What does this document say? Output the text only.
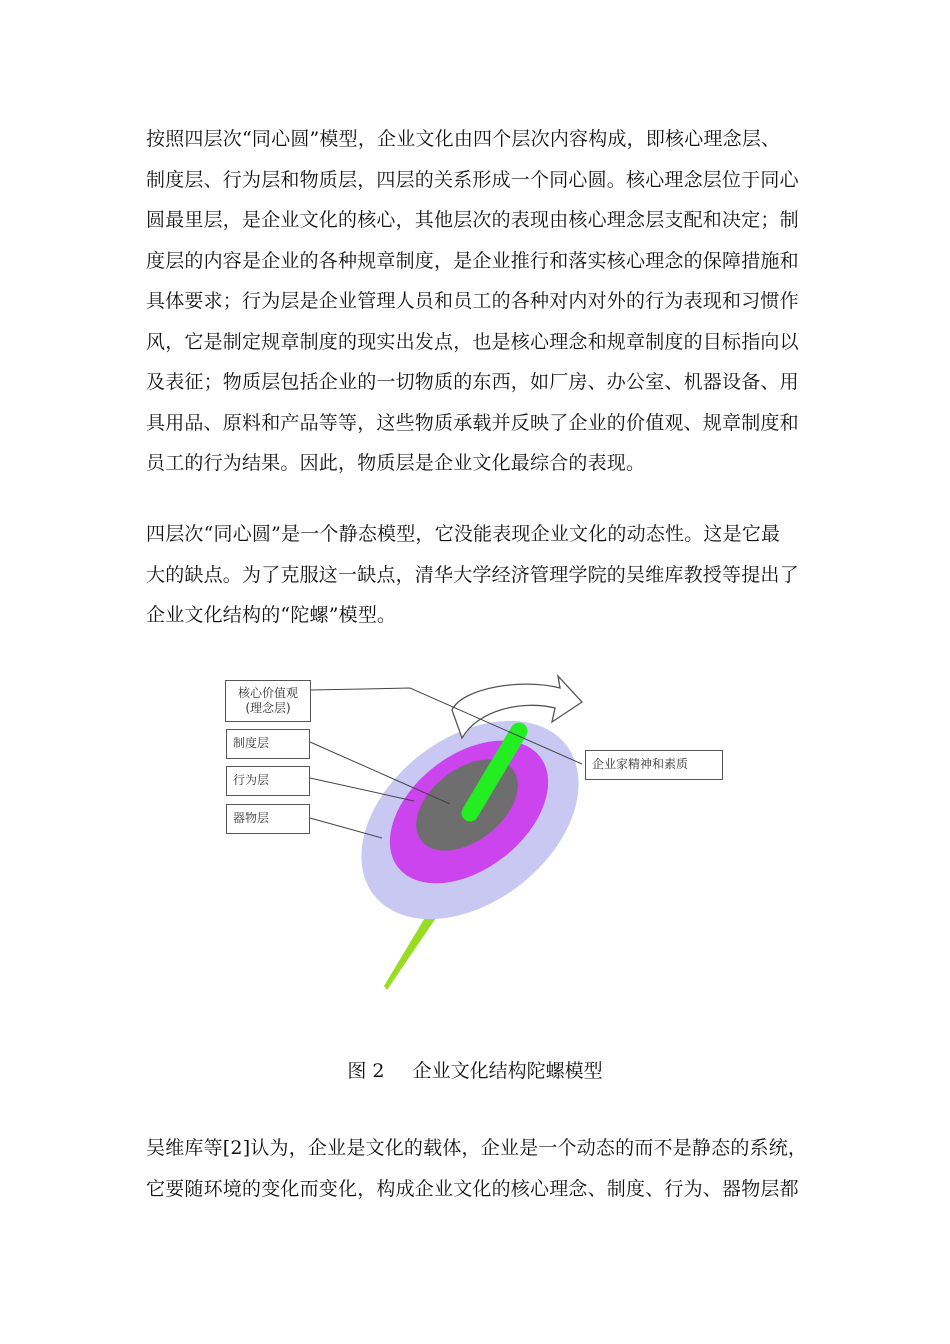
按照四层次“同心圆”模型，企业文化由四个层次内容构成，即核心理念层、
制度层、行为层和物质层，四层的关系形成一个同心圆。核心理念层位于同心
圆最里层，是企业文化的核心，其他层次的表现由核心理念层支配和决定；制
度层的内容是企业的各种规章制度，是企业推行和落实核心理念的保障措施和
具体要求；行为层是企业管理人员和员工的各种对内对外的行为表现和习惯作
风，它是制定规章制度的现实出发点，也是核心理念和规章制度的目标指向以
及表征；物质层包括企业的一切物质的东西，如厂房、办公室、机器设备、用
具用品、原料和产品等等，这些物质承载并反映了企业的价值观、规章制度和
员工的行为结果。因此，物质层是企业文化最综合的表现。
四层次“同心圆”是一个静态模型，它没能表现企业文化的动态性。这是它最
大的缺点。为了克服这一缺点，清华大学经济管理学院的吴维库教授等提出了
企业文化结构的“陀螺”模型。
核心价值观
(理念层)
制度层
行为层
器物层
企业家精神和素质
图 2 企业文化结构陀螺模型
吴维库等[2]认为，企业是文化的载体，企业是一个动态的而不是静态的系统，
它要随环境的变化而变化，构成企业文化的核心理念、制度、行为、器物层都
